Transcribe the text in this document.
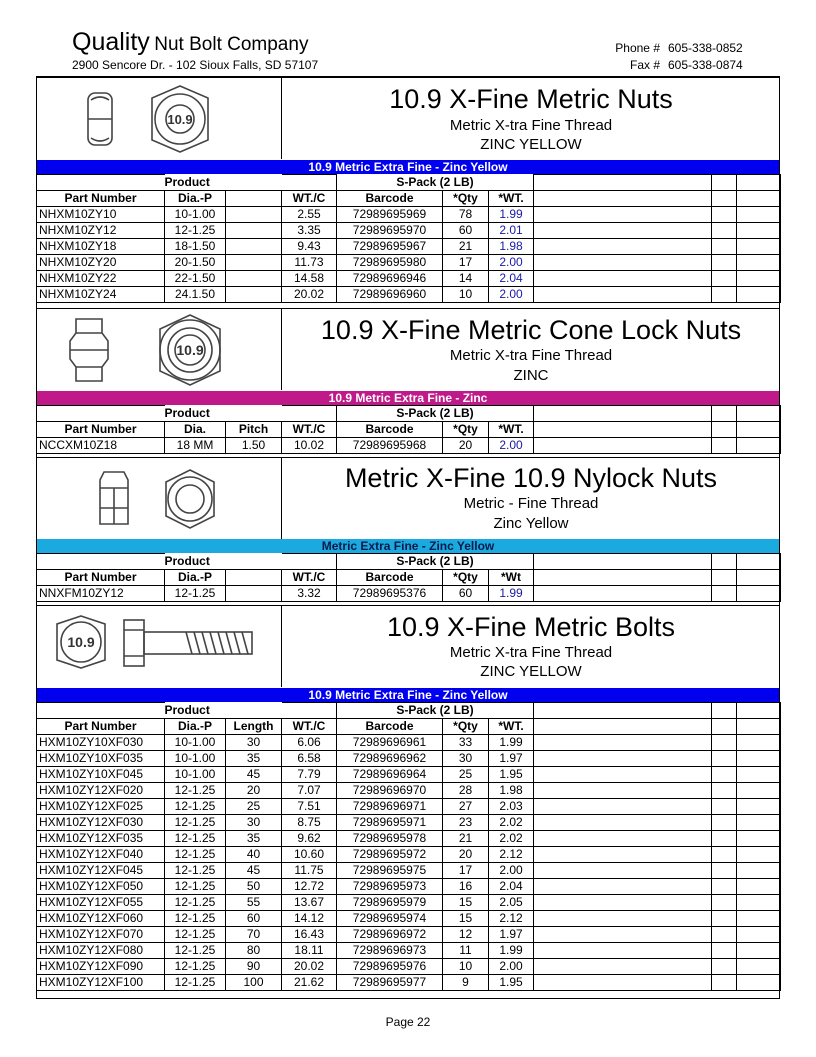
Quality Nut Bolt Company
2900 Sencore Dr. - 102 Sioux Falls, SD 57107
Phone # 605-338-0852
Fax # 605-338-0874
10.9
10.9 X-Fine Metric Nuts
Metric X-tra Fine Thread
ZINC YELLOW
10.9 Metric Extra Fine - Zinc Yellow
	Product			S-Pack (2 LB)					
Part Number	Dia.-P		WT./C	Barcode	*Qty	*WT.			
NHXM10ZY10	10-1.00		2.55	72989695969	78	1.99			
NHXM10ZY12	12-1.25		3.35	72989695970	60	2.01			
NHXM10ZY18	18-1.50		9.43	72989695967	21	1.98			
NHXM10ZY20	20-1.50		11.73	72989695980	17	2.00			
NHXM10ZY22	22-1.50		14.58	72989696946	14	2.04			
NHXM10ZY24	24.1.50		20.02	72989696960	10	2.00			
10.9
10.9 X-Fine Metric Cone Lock Nuts
Metric X-tra Fine Thread
ZINC
10.9 Metric Extra Fine - Zinc
	Product			S-Pack (2 LB)					
Part Number	Dia.	Pitch	WT./C	Barcode	*Qty	*WT.			
NCCXM10Z18	18 MM	1.50	10.02	72989695968	20	2.00			
Metric X-Fine 10.9 Nylock Nuts
Metric - Fine Thread
Zinc Yellow
Metric Extra Fine - Zinc Yellow
	Product			S-Pack (2 LB)					
Part Number	Dia.-P		WT./C	Barcode	*Qty	*Wt			
NNXFM10ZY12	12-1.25		3.32	72989695376	60	1.99			
10.9	10.9 X-Fine Metric Bolts
Metric X-tra Fine Thread
ZINC YELLOW
10.9 Metric Extra Fine - Zinc Yellow
	Product			S-Pack (2 LB)					
Part Number	Dia.-P	Length	WT./C	Barcode	*Qty	*WT.			
HXM10ZY10XF030	10-1.00	30	6.06	72989696961	33	1.99			
HXM10ZY10XF035	10-1.00	35	6.58	72989696962	30	1.97			
HXM10ZY10XF045	10-1.00	45	7.79	72989696964	25	1.95			
HXM10ZY12XF020	12-1.25	20	7.07	72989696970	28	1.98			
HXM10ZY12XF025	12-1.25	25	7.51	72989696971	27	2.03			
HXM10ZY12XF030	12-1.25	30	8.75	72989695971	23	2.02			
HXM10ZY12XF035	12-1.25	35	9.62	72989695978	21	2.02			
HXM10ZY12XF040	12-1.25	40	10.60	72989695972	20	2.12			
HXM10ZY12XF045	12-1.25	45	11.75	72989695975	17	2.00			
HXM10ZY12XF050	12-1.25	50	12.72	72989695973	16	2.04			
HXM10ZY12XF055	12-1.25	55	13.67	72989695979	15	2.05			
HXM10ZY12XF060	12-1.25	60	14.12	72989695974	15	2.12			
HXM10ZY12XF070	12-1.25	70	16.43	72989696972	12	1.97			
HXM10ZY12XF080	12-1.25	80	18.11	72989696973	11	1.99			
HXM10ZY12XF090	12-1.25	90	20.02	72989695976	10	2.00			
HXM10ZY12XF100	12-1.25	100	21.62	72989695977	9	1.95			
Page 22
